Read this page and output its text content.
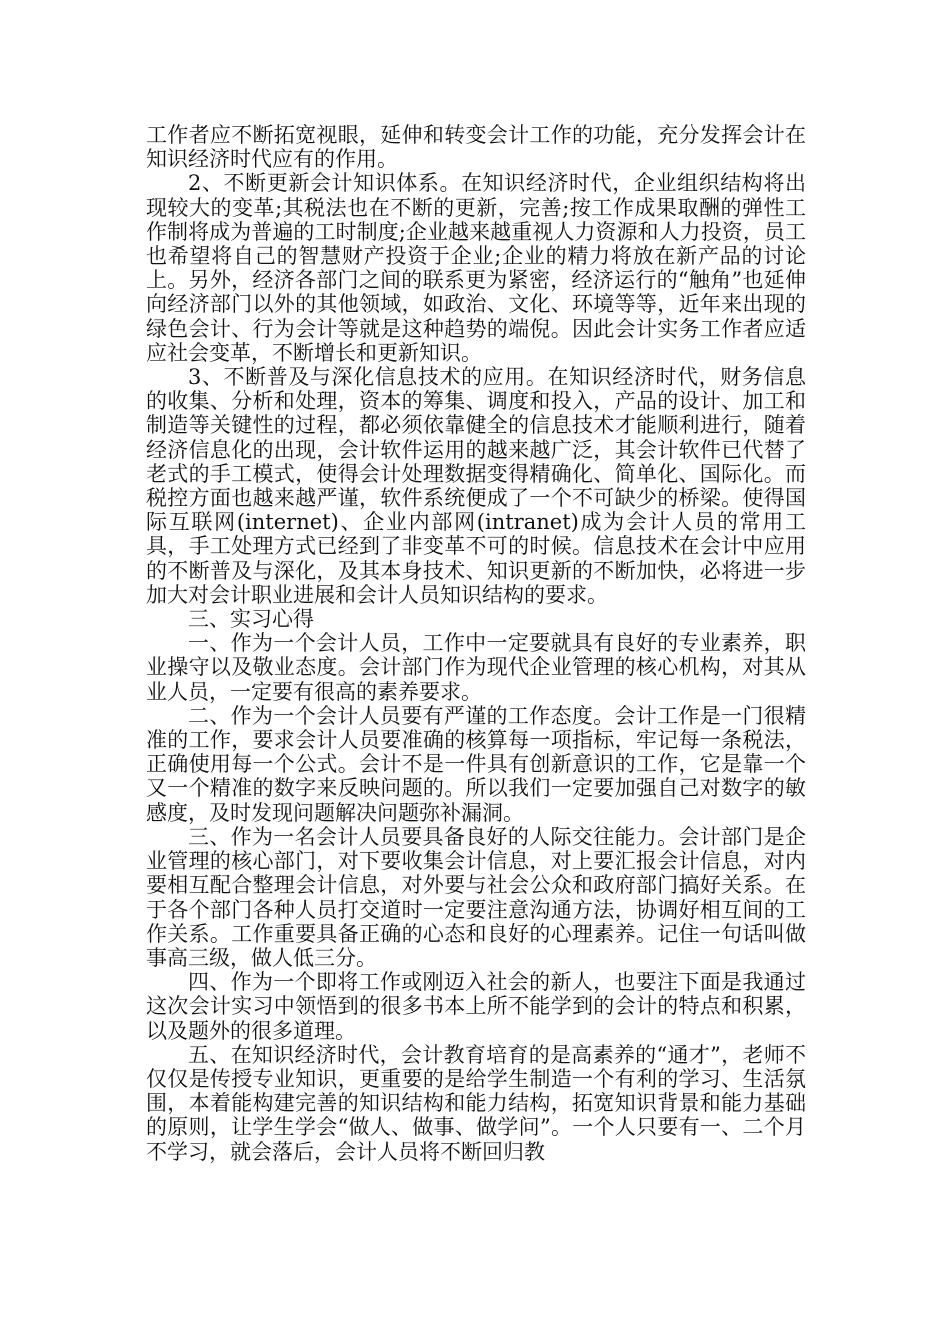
工作者应不断拓宽视眼，延伸和转变会计工作的功能，充分发挥会计在知识经济时代应有的作用。

2、不断更新会计知识体系。在知识经济时代，企业组织结构将出现较大的变革;其税法也在不断的更新，完善;按工作成果取酬的弹性工作制将成为普遍的工时制度;企业越来越重视人力资源和人力投资，员工也希望将自己的智慧财产投资于企业;企业的精力将放在新产品的讨论上。另外，经济各部门之间的联系更为紧密，经济运行的“触角”也延伸向经济部门以外的其他领域，如政治、文化、环境等等，近年来出现的绿色会计、行为会计等就是这种趋势的端倪。因此会计实务工作者应适应社会变革，不断增长和更新知识。

3、不断普及与深化信息技术的应用。在知识经济时代，财务信息的收集、分析和处理，资本的筹集、调度和投入，产品的设计、加工和制造等关键性的过程，都必须依靠健全的信息技术才能顺利进行，随着经济信息化的出现，会计软件运用的越来越广泛，其会计软件已代替了老式的手工模式，使得会计处理数据变得精确化、简单化、国际化。而税控方面也越来越严谨，软件系统便成了一个不可缺少的桥梁。使得国际互联网(internet)、企业内部网(intranet)成为会计人员的常用工具，手工处理方式已经到了非变革不可的时候。信息技术在会计中应用的不断普及与深化，及其本身技术、知识更新的不断加快，必将进一步加大对会计职业进展和会计人员知识结构的要求。

三、实习心得

一、作为一个会计人员，工作中一定要就具有良好的专业素养，职业操守以及敬业态度。会计部门作为现代企业管理的核心机构，对其从业人员，一定要有很高的素养要求。

二、作为一个会计人员要有严谨的工作态度。会计工作是一门很精准的工作，要求会计人员要准确的核算每一项指标，牢记每一条税法，正确使用每一个公式。会计不是一件具有创新意识的工作，它是靠一个又一个精准的数字来反映问题的。所以我们一定要加强自己对数字的敏感度，及时发现问题解决问题弥补漏洞。

三、作为一名会计人员要具备良好的人际交往能力。会计部门是企业管理的核心部门，对下要收集会计信息，对上要汇报会计信息，对内要相互配合整理会计信息，对外要与社会公众和政府部门搞好关系。在于各个部门各种人员打交道时一定要注意沟通方法，协调好相互间的工作关系。工作重要具备正确的心态和良好的心理素养。记住一句话叫做事高三级，做人低三分。

四、作为一个即将工作或刚迈入社会的新人，也要注下面是我通过这次会计实习中领悟到的很多书本上所不能学到的会计的特点和积累，以及题外的很多道理。

五、在知识经济时代，会计教育培育的是高素养的“通才”，老师不仅仅是传授专业知识，更重要的是给学生制造一个有利的学习、生活氛围，本着能构建完善的知识结构和能力结构，拓宽知识背景和能力基础的原则，让学生学会“做人、做事、做学问”。一个人只要有一、二个月不学习，就会落后，会计人员将不断回归教
